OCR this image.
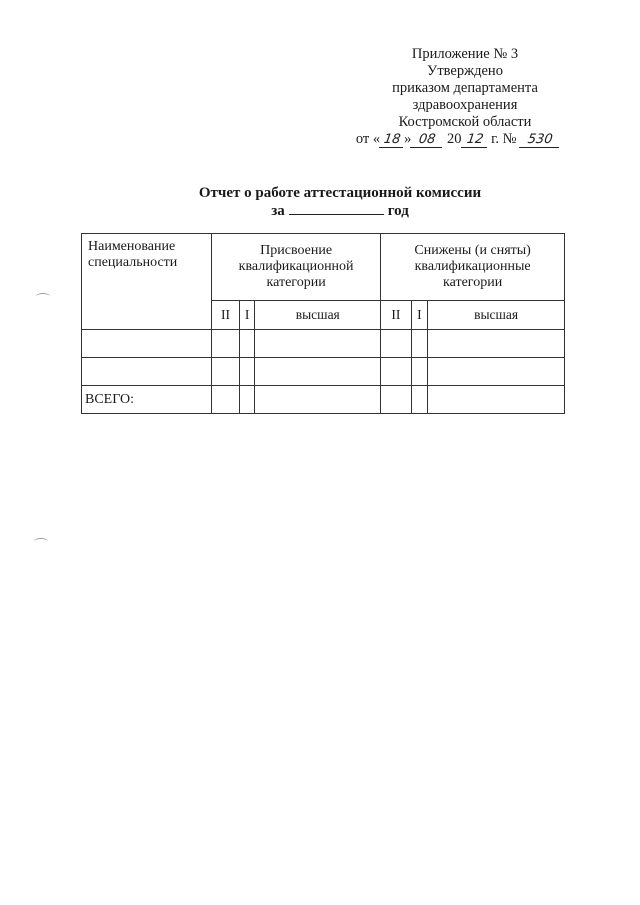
Приложение № 3
Утверждено
приказом департамента
здравоохранения
Костромской области
от « 18 » 08 20 12 г. № 530
Отчет о работе аттестационной комиссии
за	год
Наименование специальности	Присвоение квалификационной категории			Снижены (и сняты) квалификационные категории		
	II	I	высшая	II	I	высшая

ВСЕГО:						
